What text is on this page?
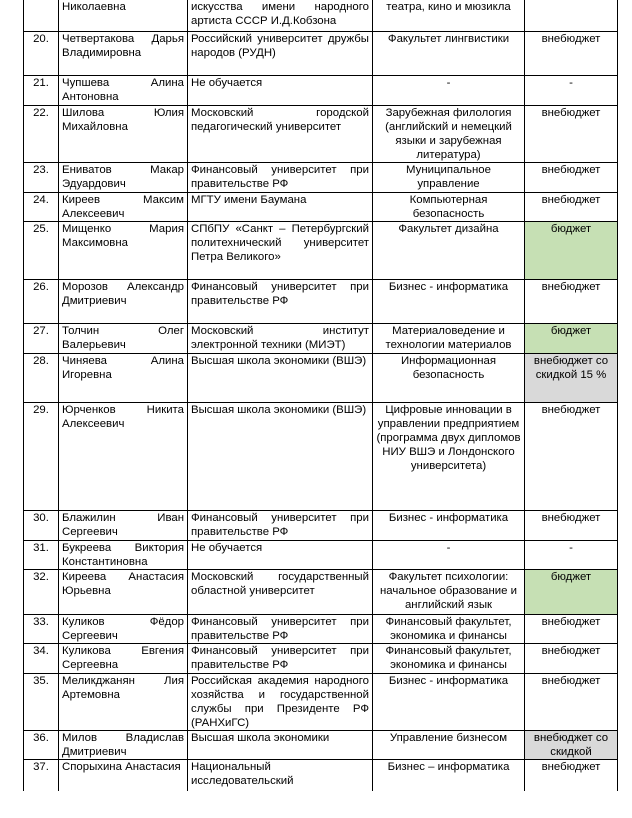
	Николаевна	искусства имени народного артиста СССР И.Д.Кобзона	театра, кино и мюзикла	
20.	Четвертакова Дарья Владимировна	Российский университет дружбы народов (РУДН)	Факультет лингвистики	внебюджет
21.	Чупшева Алина Антоновна	Не обучается	-	-
22.	Шилова Юлия Михайловна	Московский городской педагогический университет	Зарубежная филология (английский и немецкий языки и зарубежная литература)	внебюджет
23.	Ениватов Макар Эдуардович	Финансовый университет при правительстве РФ	Муниципальное управление	внебюджет
24.	Киреев Максим Алексеевич	МГТУ имени Баумана	Компьютерная безопасность	внебюджет
25.	Мищенко Мария Максимовна	СПбПУ «Санкт – Петербургский политехнический университет Петра Великого»	Факультет дизайна	бюджет
26.	Морозов Александр Дмитриевич	Финансовый университет при правительстве РФ	Бизнес - информатика	внебюджет
27.	Толчин Олег Валерьевич	Московский институт электронной техники (МИЭТ)	Материаловедение и технологии материалов	бюджет
28.	Чиняева Алина Игоревна	Высшая школа экономики (ВШЭ)	Информационная безопасность	внебюджет со скидкой 15 %
29.	Юрченков Никита Алексеевич	Высшая школа экономики (ВШЭ)	Цифровые инновации в управлении предприятием (программа двух дипломов НИУ ВШЭ и Лондонского университета)	внебюджет
30.	Блажилин Иван Сергеевич	Финансовый университет при правительстве РФ	Бизнес - информатика	внебюджет
31.	Букреева Виктория Константиновна	Не обучается	-	-
32.	Киреева Анастасия Юрьевна	Московский государственный областной университет	Факультет психологии: начальное образование и английский язык	бюджет
33.	Куликов Фёдор Сергеевич	Финансовый университет при правительстве РФ	Финансовый факультет, экономика и финансы	внебюджет
34.	Куликова Евгения Сергеевна	Финансовый университет при правительстве РФ	Финансовый факультет, экономика и финансы	внебюджет
35.	Меликджанян Лия Артемовна	Российская академия народного хозяйства и государственной службы при Президенте РФ (РАНХиГС)	Бизнес - информатика	внебюджет
36.	Милов Владислав Дмитриевич	Высшая школа экономики	Управление бизнесом	внебюджет со скидкой
37.	Спорыхина Анастасия	Национальный исследовательский	Бизнес – информатика	внебюджет
